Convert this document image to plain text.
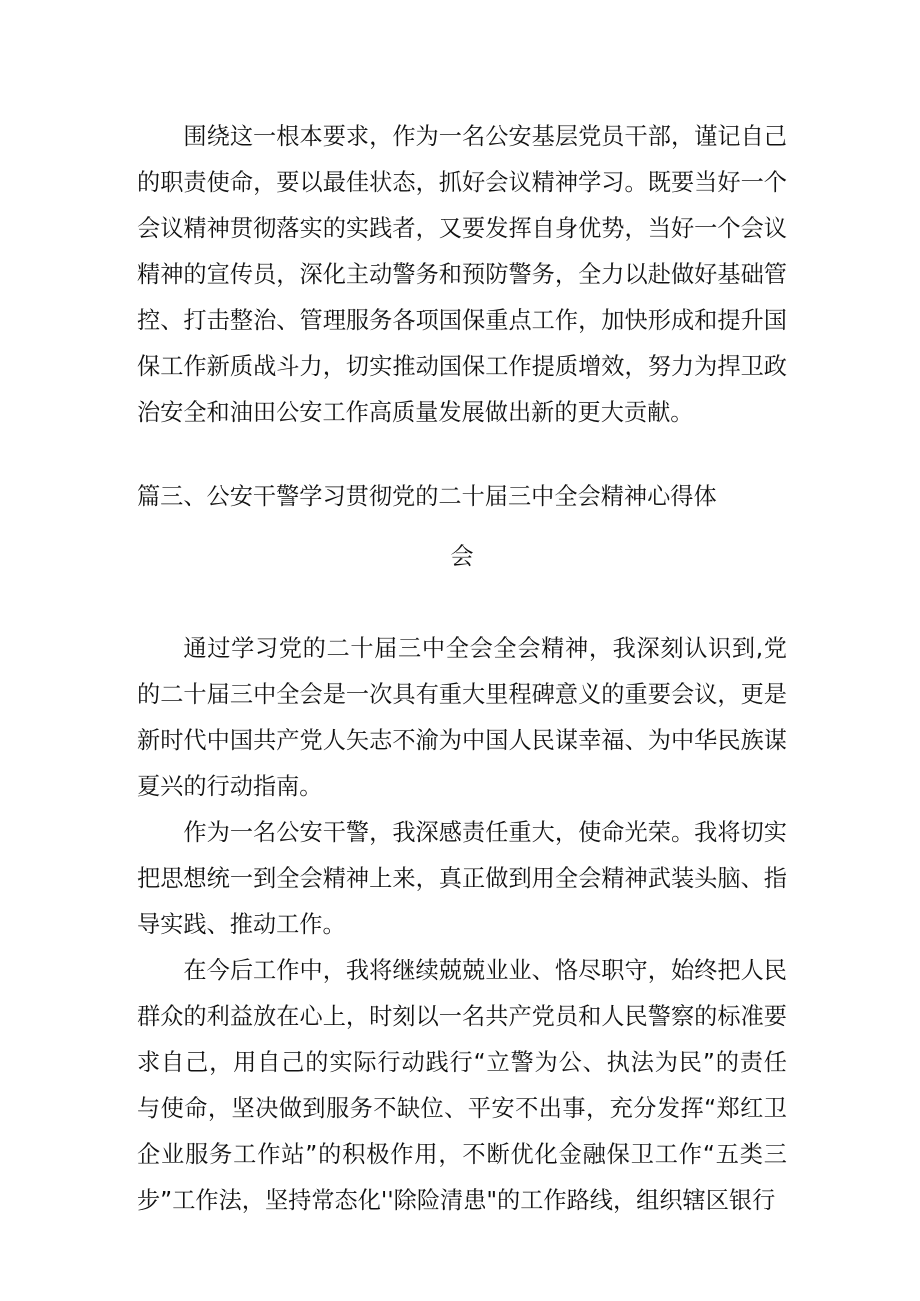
围绕这一根本要求，作为一名公安基层党员干部，谨记自己的职责使命，要以最佳状态，抓好会议精神学习。既要当好一个会议精神贯彻落实的实践者，又要发挥自身优势，当好一个会议精神的宣传员，深化主动警务和预防警务，全力以赴做好基础管控、打击整治、管理服务各项国保重点工作，加快形成和提升国保工作新质战斗力，切实推动国保工作提质增效，努力为捍卫政治安全和油田公安工作高质量发展做出新的更大贡献。

篇三、公安干警学习贯彻党的二十届三中全会精神心得体
会

通过学习党的二十届三中全会全会精神，我深刻认识到,党的二十届三中全会是一次具有重大里程碑意义的重要会议，更是新时代中国共产党人矢志不渝为中国人民谋幸福、为中华民族谋夏兴的行动指南。

作为一名公安干警，我深感责任重大，使命光荣。我将切实把思想统一到全会精神上来，真正做到用全会精神武装头脑、指导实践、推动工作。

在今后工作中，我将继续兢兢业业、恪尽职守，始终把人民群众的利益放在心上，时刻以一名共产党员和人民警察的标准要求自己，用自己的实际行动践行“立警为公、执法为民”的责任与使命，坚决做到服务不缺位、平安不出事，充分发挥“郑红卫企业服务工作站”的积极作用，不断优化金融保卫工作“五类三步”工作法，坚持常态化''除险清患"的工作路线，组织辖区银行
